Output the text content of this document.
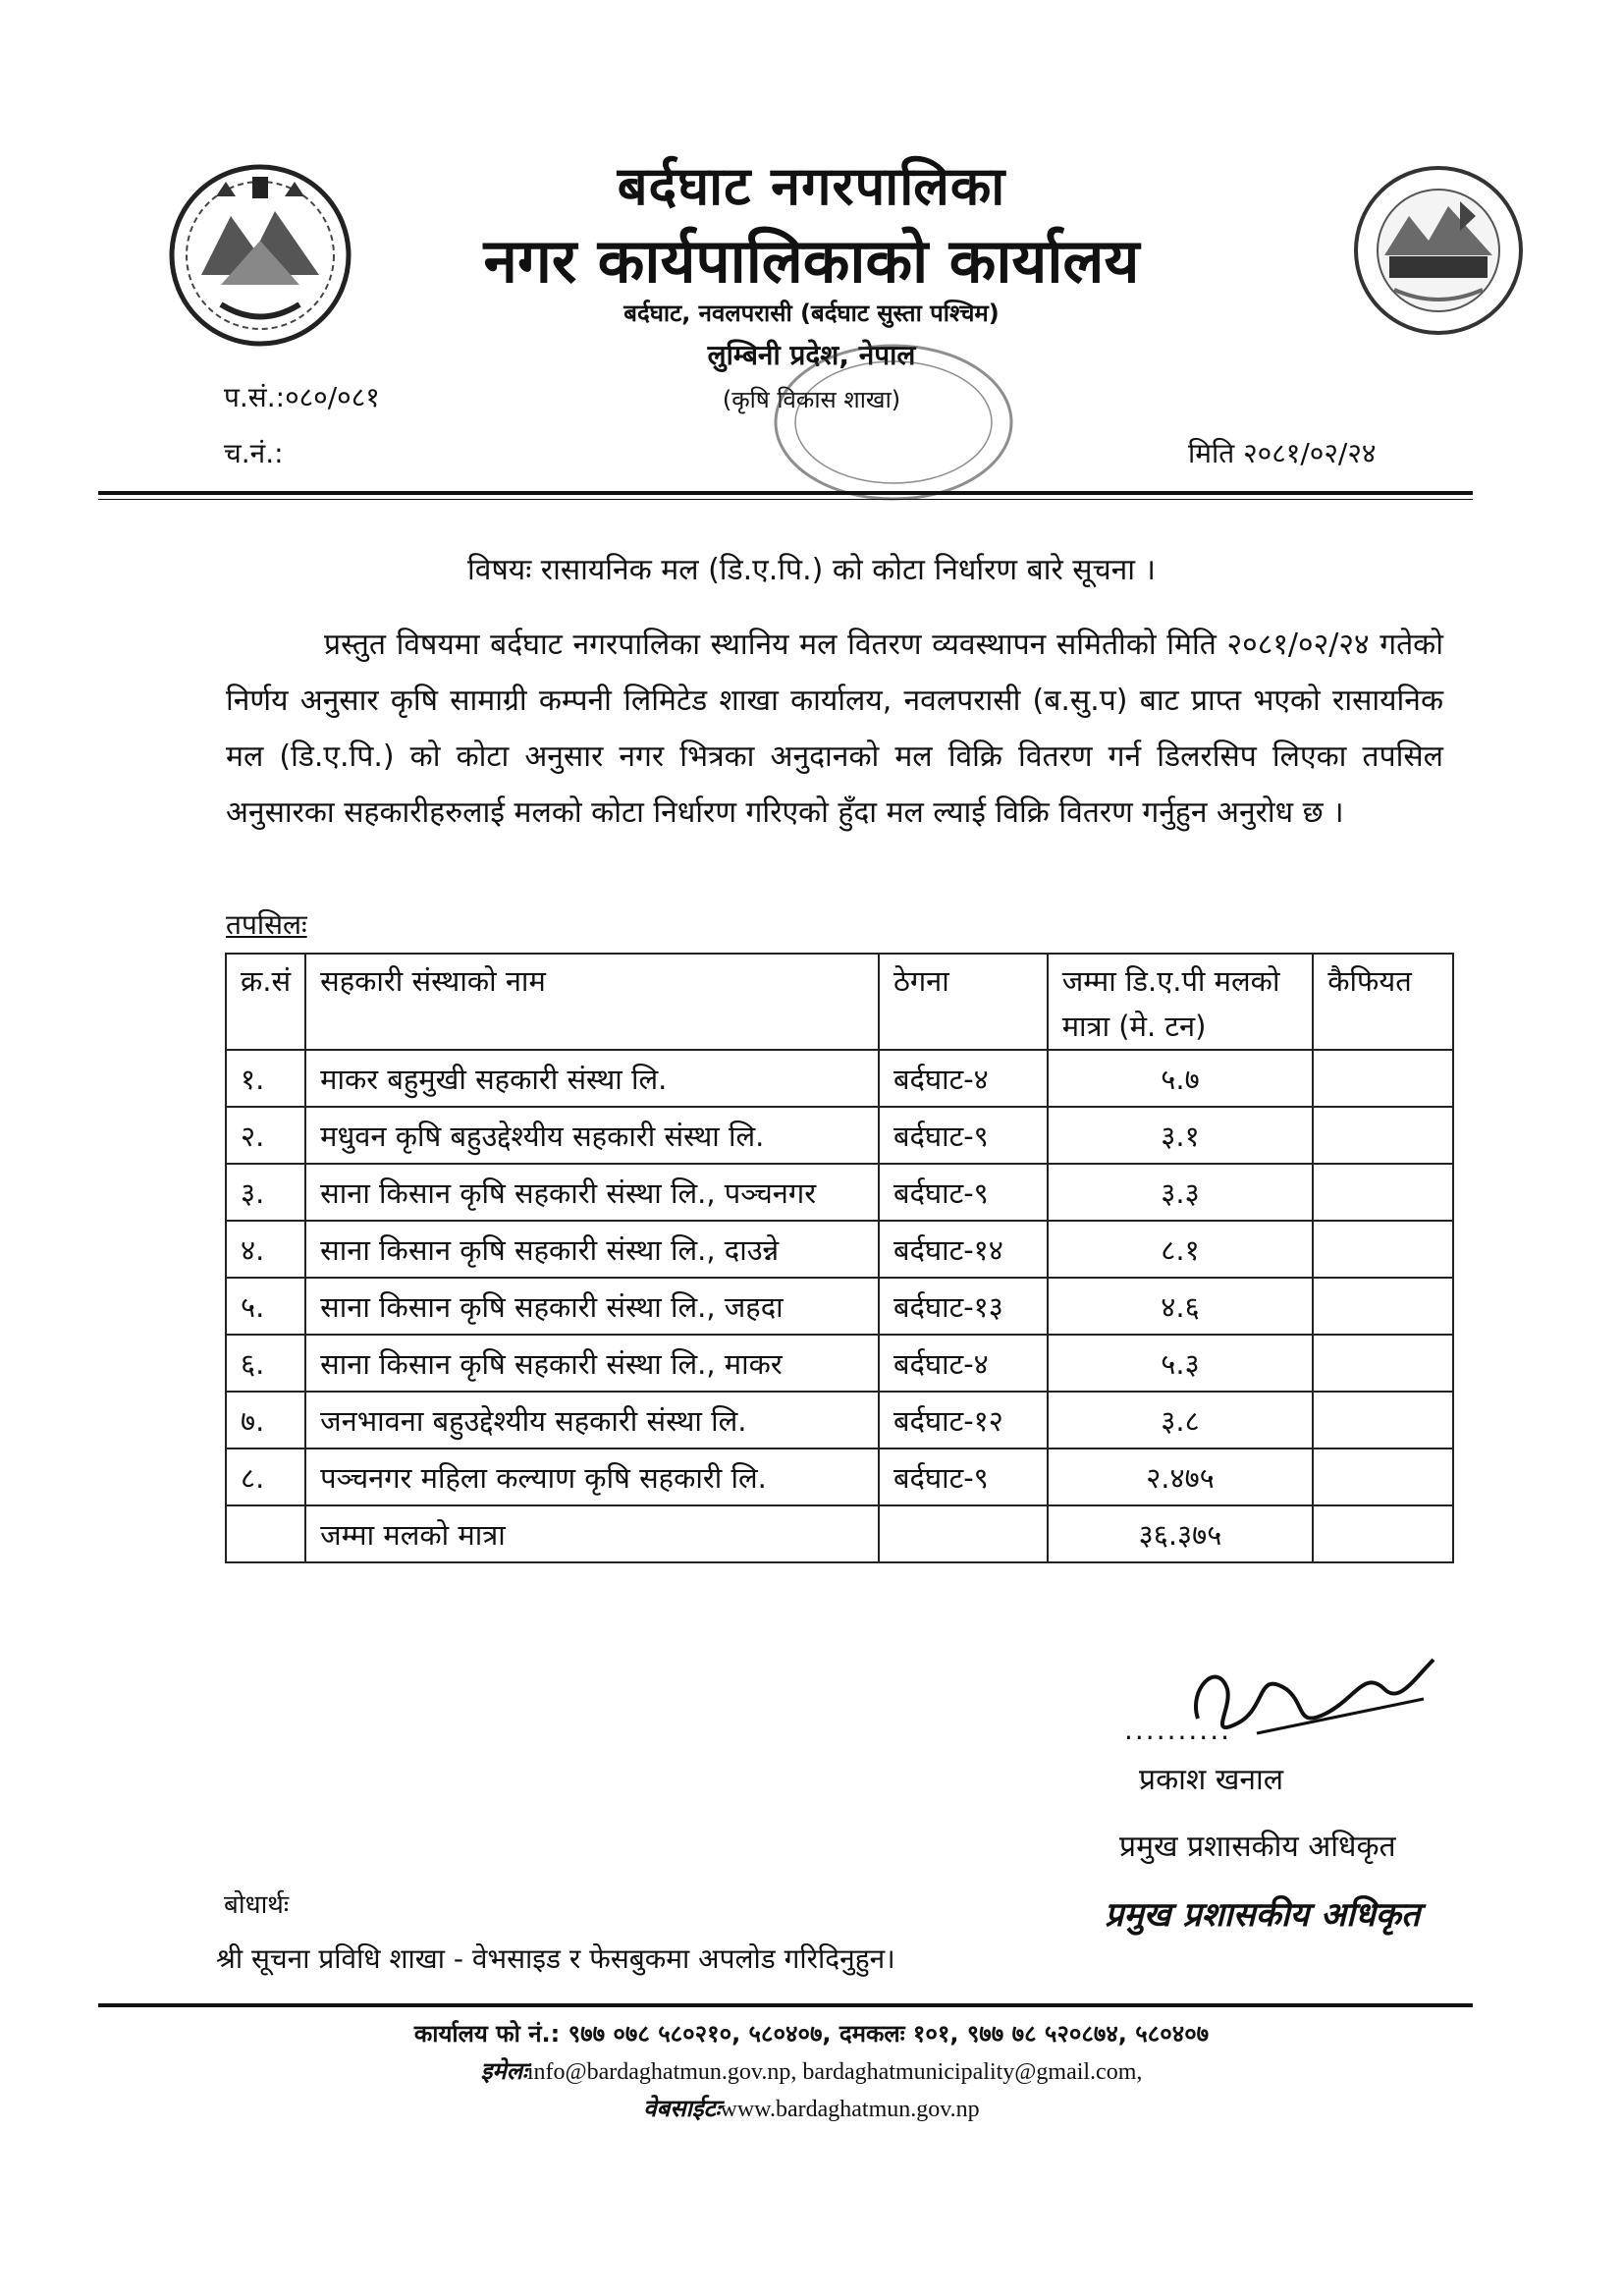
बर्दघाट नगरपालिका
नगर कार्यपालिकाको कार्यालय
बर्दघाट, नवलपरासी (बर्दघाट सुस्ता पश्चिम)
लुम्बिनी प्रदेश, नेपाल
(कृषि विकास शाखा)
प.सं.:०८०/०८१
च.नं.:	मिति २०८१/०२/२४
विषयः रासायनिक मल (डि.ए.पि.) को कोटा निर्धारण बारे सूचना ।
प्रस्तुत विषयमा बर्दघाट नगरपालिका स्थानिय मल वितरण व्यवस्थापन समितीको मिति २०८१/०२/२४ गतेको निर्णय अनुसार कृषि सामाग्री कम्पनी लिमिटेड शाखा कार्यालय, नवलपरासी (ब.सु.प) बाट प्राप्त भएको रासायनिक मल (डि.ए.पि.) को कोटा अनुसार नगर भित्रका अनुदानको मल विक्रि वितरण गर्न डिलरसिप लिएका तपसिल अनुसारका सहकारीहरुलाई मलको कोटा निर्धारण गरिएको हुँदा मल ल्याई विक्रि वितरण गर्नुहुन अनुरोध छ ।
तपसिलः
क्र.सं	सहकारी संस्थाको नाम	ठेगना	जम्मा डि.ए.पी मलको मात्रा (मे. टन)	कैफियत
१.	माकर बहुमुखी सहकारी संस्था लि.	बर्दघाट-४	५.७	
२.	मधुवन कृषि बहुउद्देश्यीय सहकारी संस्था लि.	बर्दघाट-९	३.१	
३.	साना किसान कृषि सहकारी संस्था लि., पञ्चनगर	बर्दघाट-९	३.३	
४.	साना किसान कृषि सहकारी संस्था लि., दाउन्ने	बर्दघाट-१४	८.१	
५.	साना किसान कृषि सहकारी संस्था लि., जहदा	बर्दघाट-१३	४.६	
६.	साना किसान कृषि सहकारी संस्था लि., माकर	बर्दघाट-४	५.३	
७.	जनभावना बहुउद्देश्यीय सहकारी संस्था लि.	बर्दघाट-१२	३.८	
८.	पञ्चनगर महिला कल्याण कृषि सहकारी लि.	बर्दघाट-९	२.४७५	
	जम्मा मलको मात्रा		३६.३७५	
..........
प्रकाश खनाल
प्रमुख प्रशासकीय अधिकृत
प्रमुख प्रशासकीय अधिकृत
बोधार्थः
श्री सूचना प्रविधि शाखा - वेभसाइड र फेसबुकमा अपलोड गरिदिनुहुन।
कार्यालय फो नं.: ९७७ ०७८ ५८०२१०, ५८०४०७, दमकलः १०१, ९७७ ७८ ५२०८७४, ५८०४०७
इमेलःinfo@bardaghatmun.gov.np, bardaghatmunicipality@gmail.com,
वेबसाईटःwww.bardaghatmun.gov.np
